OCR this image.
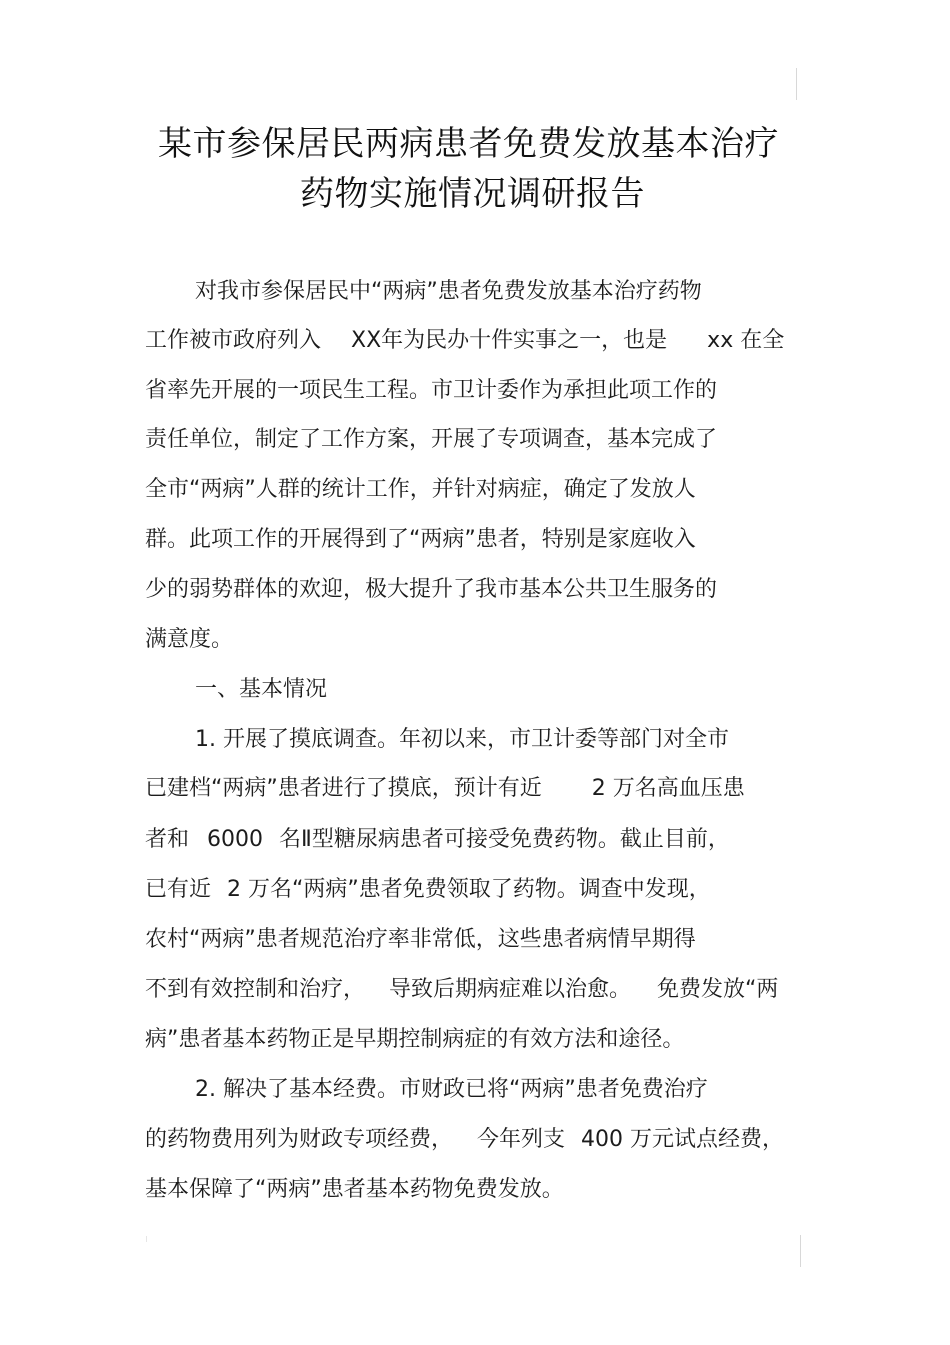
某市参保居民两病患者免费发放基本治疗
药物实施情况调研报告
对我市参保居民中“两病”患者免费发放基本治疗药物
工作被市政府列入 XX年为民办十件实事之一，也是 xx 在全
省率先开展的一项民生工程。市卫计委作为承担此项工作的
责任单位，制定了工作方案，开展了专项调查，基本完成了
全市“两病”人群的统计工作，并针对病症，确定了发放人
群。此项工作的开展得到了“两病”患者，特别是家庭收入
少的弱势群体的欢迎，极大提升了我市基本公共卫生服务的
满意度。
一、基本情况
1. 开展了摸底调查。年初以来，市卫计委等部门对全市
已建档“两病”患者进行了摸底，预计有近 2 万名高血压患
者和 6000 名Ⅱ型糖尿病患者可接受免费药物。截止目前，
已有近 2 万名“两病”患者免费领取了药物。调查中发现，
农村“两病”患者规范治疗率非常低，这些患者病情早期得
不到有效控制和治疗， 导致后期病症难以治愈。 免费发放“两
病”患者基本药物正是早期控制病症的有效方法和途径。
2. 解决了基本经费。市财政已将“两病”患者免费治疗
的药物费用列为财政专项经费， 今年列支 400 万元试点经费，
基本保障了“两病”患者基本药物免费发放。
